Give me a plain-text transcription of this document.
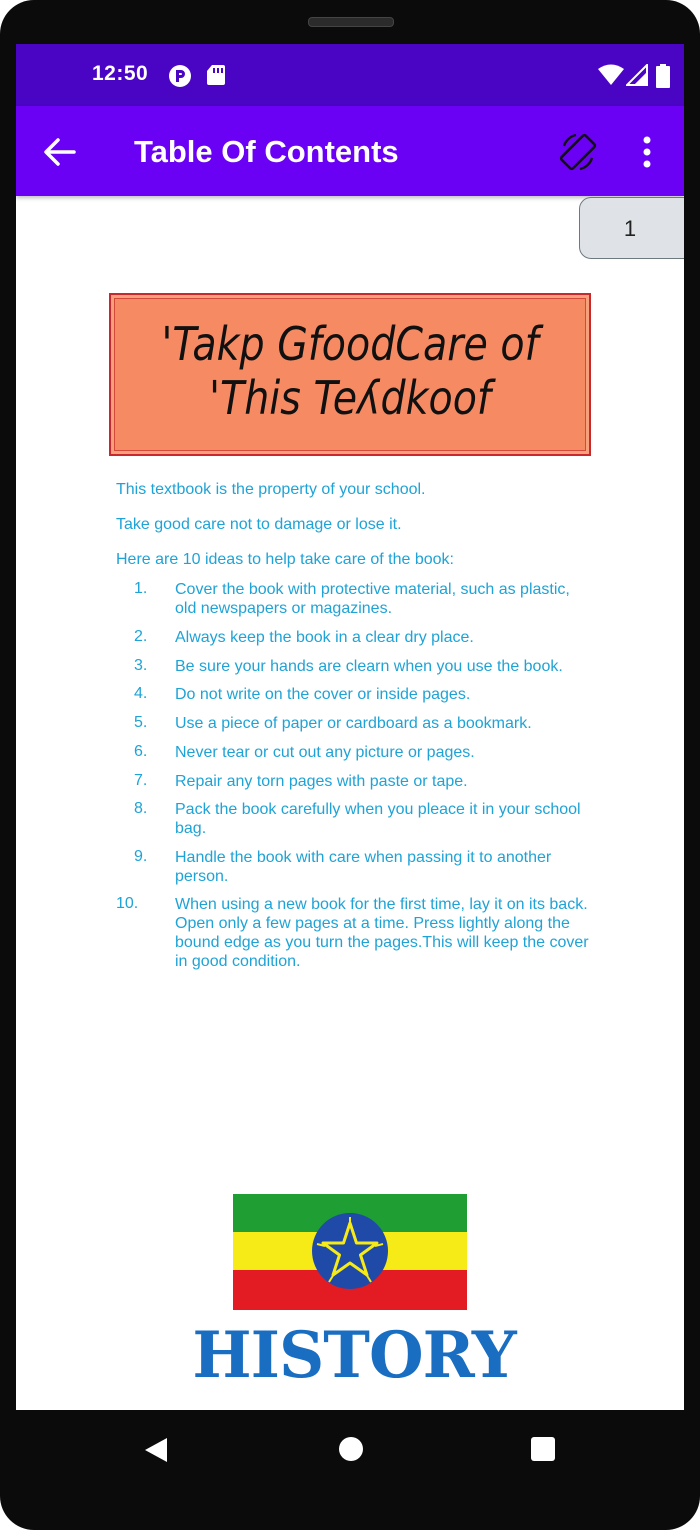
12:50
Table Of Contents
'Takp GfoodCare of
'This Teʎdkoof
This textbook is the property of your school.
Take good care not to damage or lose it.
Here are 10 ideas to help take care of the book:
1.	Cover the book with protective material, such as plastic, old newspapers or magazines.
2.	Always keep the book in a clear dry place.
3.	Be sure your hands are clearn when you use the book.
4.	Do not write on the cover or inside pages.
5.	Use a piece of paper or cardboard as a bookmark.
6.	Never tear or cut out any picture or pages.
7.	Repair any torn pages with paste or tape.
8.	Pack the book carefully when you pleace it in your school bag.
9.	Handle the book with care when passing it to another person.
10. When using a new book for the first time, lay it on its back. Open only a few pages at a time. Press lightly along the bound edge as you turn the pages.This will keep the cover in good condition.
HISTORY
1
